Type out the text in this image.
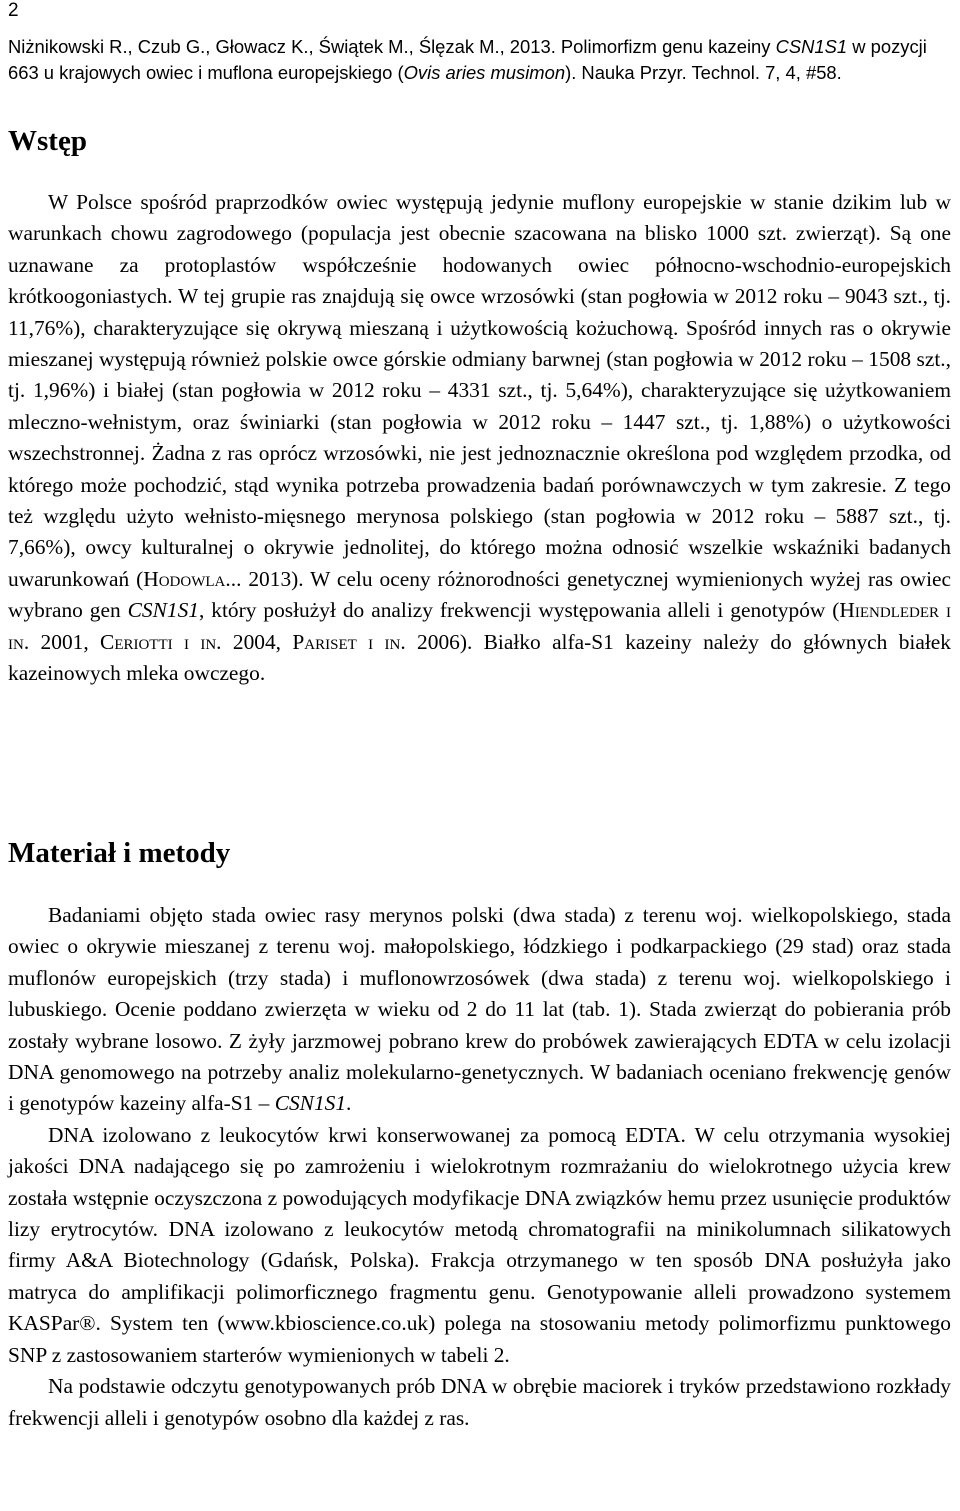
2
Niżnikowski R., Czub G., Głowacz K., Świątek M., Ślęzak M., 2013. Polimorfizm genu kazeiny CSN1S1 w pozycji
663 u krajowych owiec i muflona europejskiego (Ovis aries musimon). Nauka Przyr. Technol. 7, 4, #58.
Wstęp

W Polsce spośród praprzodków owiec występują jedynie muflony europejskie w stanie dzikim lub w warunkach chowu zagrodowego (populacja jest obecnie szacowana na blisko 1000 szt. zwierząt). Są one uznawane za protoplastów współcześnie hodowanych owiec północno-wschodnio-europejskich krótkoogoniastych. W tej grupie ras znajdują się owce wrzosówki (stan pogłowia w 2012 roku – 9043 szt., tj. 11,76%), charakteryzujące się okrywą mieszaną i użytkowością kożuchową. Spośród innych ras o okrywie mieszanej występują również polskie owce górskie odmiany barwnej (stan pogłowia w 2012 roku – 1508 szt., tj. 1,96%) i białej (stan pogłowia w 2012 roku – 4331 szt., tj. 5,64%), charakteryzujące się użytkowaniem mleczno-wełnistym, oraz świniarki (stan pogłowia w 2012 roku – 1447 szt., tj. 1,88%) o użytkowości wszechstronnej. Żadna z ras oprócz wrzosówki, nie jest jednoznacznie określona pod względem przodka, od którego może pochodzić, stąd wynika potrzeba prowadzenia badań porównawczych w tym zakresie. Z tego też względu użyto wełnisto-mięsnego merynosa polskiego (stan pogłowia w 2012 roku – 5887 szt., tj. 7,66%), owcy kulturalnej o okrywie jednolitej, do którego można odnosić wszelkie wskaźniki badanych uwarunkowań (Hodowla... 2013). W celu oceny różnorodności genetycznej wymienionych wyżej ras owiec wybrano gen CSN1S1, który posłużył do analizy frekwencji występowania alleli i genotypów (Hiendleder i in. 2001, Ceriotti i in. 2004, Pariset i in. 2006). Białko alfa-S1 kazeiny należy do głównych białek kazeinowych mleka owczego.

Materiał i metody

Badaniami objęto stada owiec rasy merynos polski (dwa stada) z terenu woj. wielkopolskiego, stada owiec o okrywie mieszanej z terenu woj. małopolskiego, łódzkiego i podkarpackiego (29 stad) oraz stada muflonów europejskich (trzy stada) i muflonowrzosówek (dwa stada) z terenu woj. wielkopolskiego i lubuskiego. Ocenie poddano zwierzęta w wieku od 2 do 11 lat (tab. 1). Stada zwierząt do pobierania prób zostały wybrane losowo. Z żyły jarzmowej pobrano krew do probówek zawierających EDTA w celu izolacji DNA genomowego na potrzeby analiz molekularno-genetycznych. W badaniach oceniano frekwencję genów i genotypów kazeiny alfa-S1 – CSN1S1.

DNA izolowano z leukocytów krwi konserwowanej za pomocą EDTA. W celu otrzymania wysokiej jakości DNA nadającego się po zamrożeniu i wielokrotnym rozmrażaniu do wielokrotnego użycia krew została wstępnie oczyszczona z powodujących modyfikacje DNA związków hemu przez usunięcie produktów lizy erytrocytów. DNA izolowano z leukocytów metodą chromatografii na minikolumnach silikatowych firmy A&A Biotechnology (Gdańsk, Polska). Frakcja otrzymanego w ten sposób DNA posłużyła jako matryca do amplifikacji polimorficznego fragmentu genu. Genotypowanie alleli prowadzono systemem KASPar®. System ten (www.kbioscience.co.uk) polega na stosowaniu metody polimorfizmu punktowego SNP z zastosowaniem starterów wymienionych w tabeli 2.

Na podstawie odczytu genotypowanych prób DNA w obrębie maciorek i tryków przedstawiono rozkłady frekwencji alleli i genotypów osobno dla każdej z ras.
